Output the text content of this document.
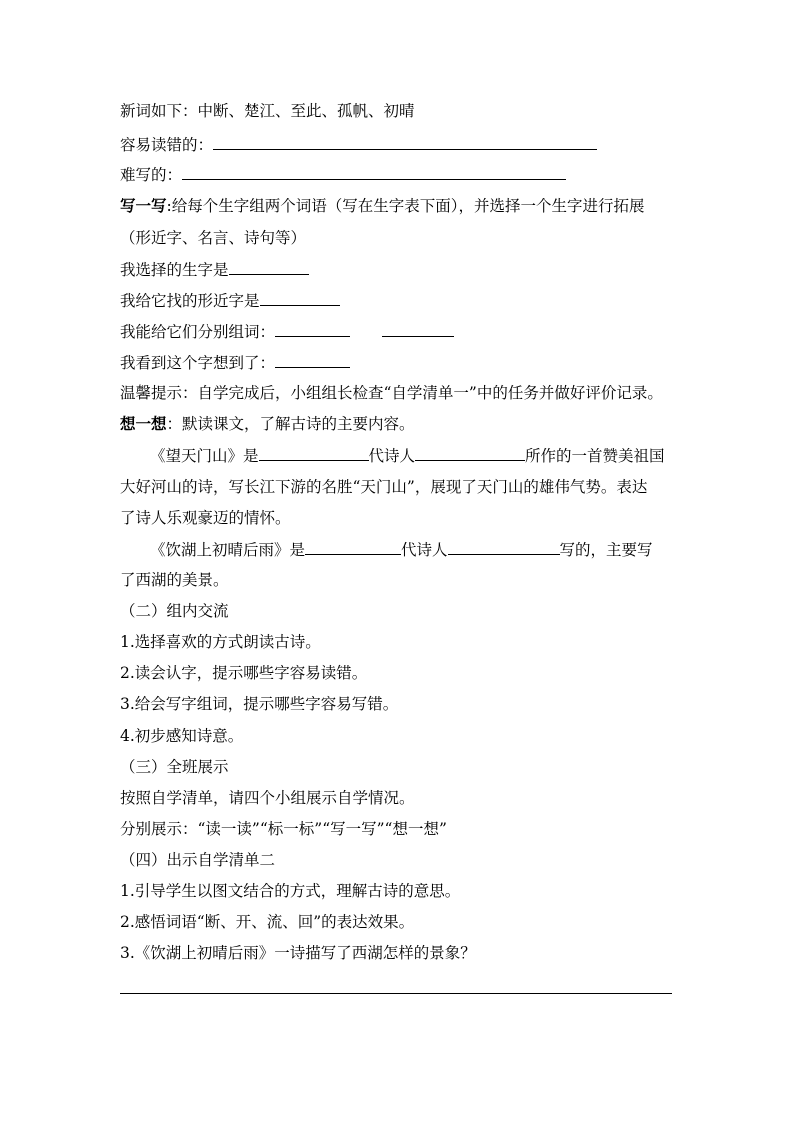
新词如下：中断、楚江、至此、孤帆、初晴
容易读错的：
难写的：
写一写:给每个生字组两个词语（写在生字表下面），并选择一个生字进行拓展
（形近字、名言、诗句等）
我选择的生字是
我给它找的形近字是
我能给它们分别组词：
我看到这个字想到了：
温馨提示：自学完成后，小组组长检查“自学清单一”中的任务并做好评价记录。
想一想：默读课文，了解古诗的主要内容。
《望天门山》是	代诗人	所作的一首赞美祖国
大好河山的诗，写长江下游的名胜“天门山”，展现了天门山的雄伟气势。表达
了诗人乐观豪迈的情怀。
《饮湖上初晴后雨》是	代诗人	写的，主要写
了西湖的美景。
（二）组内交流
1.选择喜欢的方式朗读古诗。
2.读会认字，提示哪些字容易读错。
3.给会写字组词，提示哪些字容易写错。
4.初步感知诗意。
（三）全班展示
按照自学清单，请四个小组展示自学情况。
分别展示：“读一读”“标一标”“写一写”“想一想”
（四）出示自学清单二
1.引导学生以图文结合的方式，理解古诗的意思。
2.感悟词语“断、开、流、回”的表达效果。
3.《饮湖上初晴后雨》一诗描写了西湖怎样的景象？
